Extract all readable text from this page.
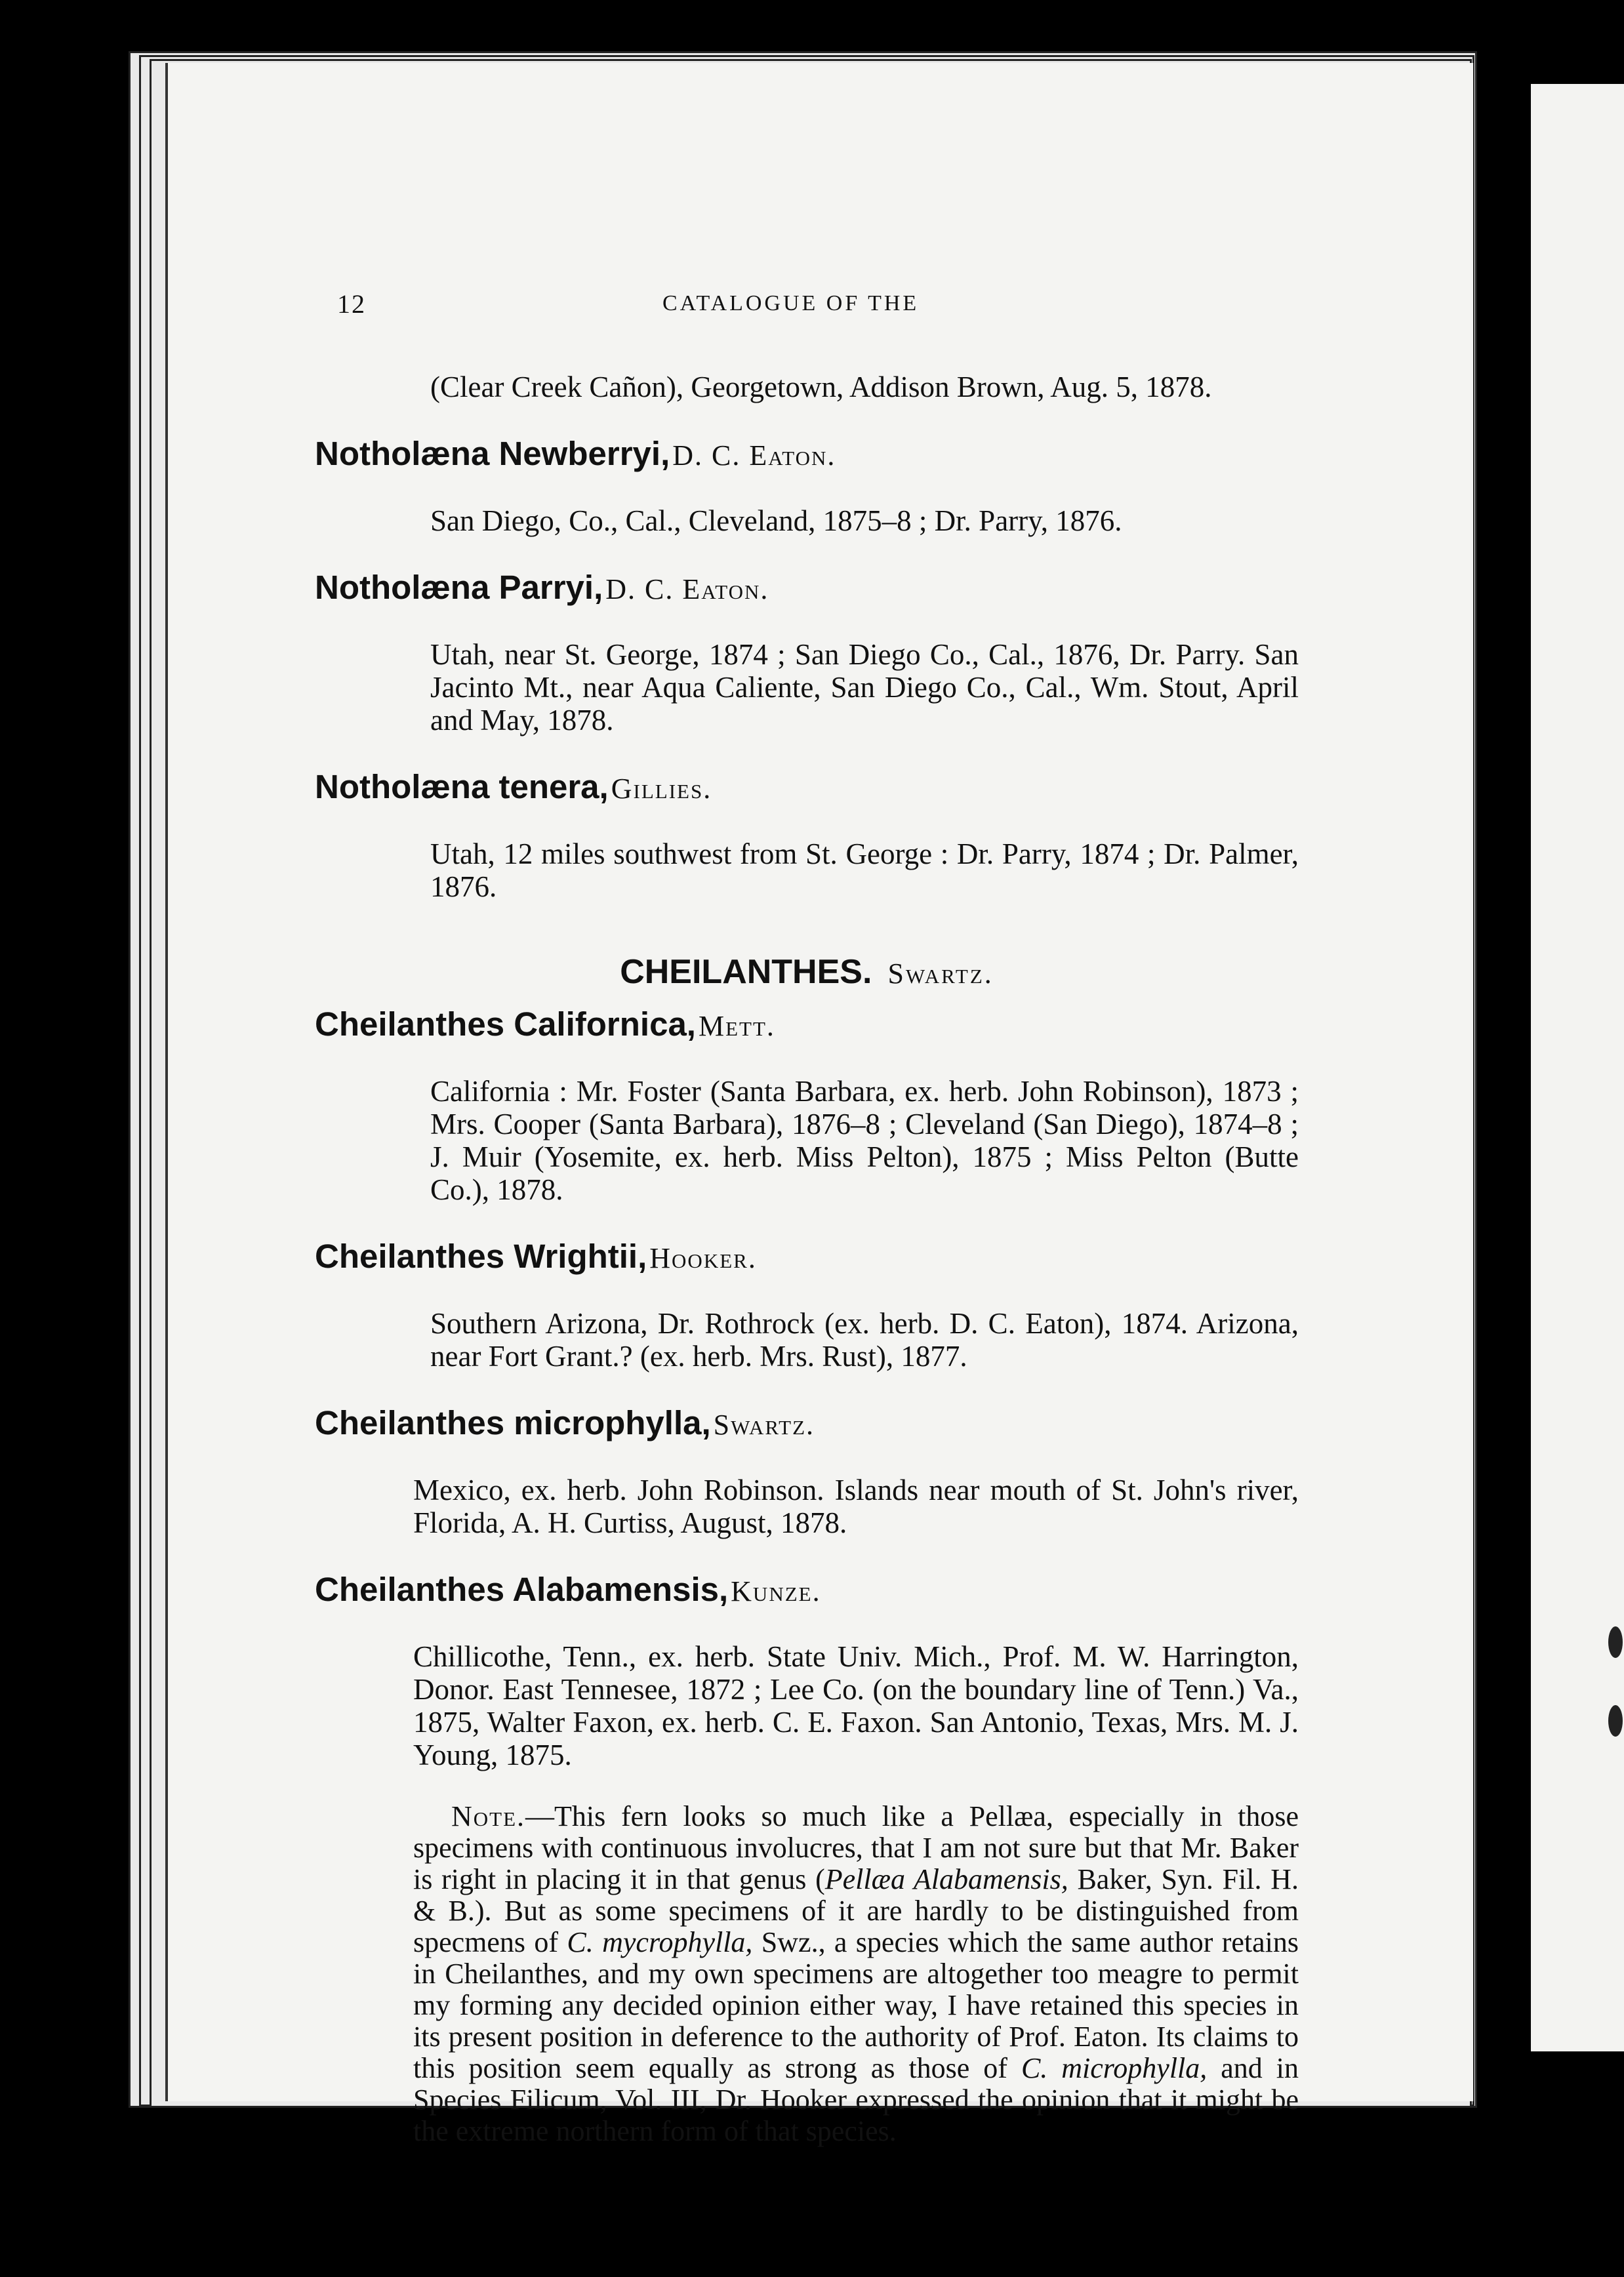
12	CATALOGUE OF THE

(Clear Creek Cañon), Georgetown, Addison Brown, Aug. 5, 1878.

Notholæna Newberryi, D. C. Eaton.

San Diego, Co., Cal., Cleveland, 1875–8 ; Dr. Parry, 1876.

Notholæna Parryi, D. C. Eaton.

Utah, near St. George, 1874 ; San Diego Co., Cal., 1876, Dr. Parry. San Jacinto Mt., near Aqua Caliente, San Diego Co., Cal., Wm. Stout, April and May, 1878.

Notholæna tenera, Gillies.

Utah, 12 miles southwest from St. George : Dr. Parry, 1874 ; Dr. Palmer, 1876.

CHEILANTHES. Swartz.

Cheilanthes Californica, Mett.

California : Mr. Foster (Santa Barbara, ex. herb. John Robinson), 1873 ; Mrs. Cooper (Santa Barbara), 1876–8 ; Cleveland (San Diego), 1874–8 ; J. Muir (Yosemite, ex. herb. Miss Pelton), 1875 ; Miss Pelton (Butte Co.), 1878.

Cheilanthes Wrightii, Hooker.

Southern Arizona, Dr. Rothrock (ex. herb. D. C. Eaton), 1874. Arizona, near Fort Grant.? (ex. herb. Mrs. Rust), 1877.

Cheilanthes microphylla, Swartz.

Mexico, ex. herb. John Robinson. Islands near mouth of St. John's river, Florida, A. H. Curtiss, August, 1878.

Cheilanthes Alabamensis, Kunze.

Chillicothe, Tenn., ex. herb. State Univ. Mich., Prof. M. W. Harrington, Donor. East Tennesee, 1872 ; Lee Co. (on the boundary line of Tenn.) Va., 1875, Walter Faxon, ex. herb. C. E. Faxon. San Antonio, Texas, Mrs. M. J. Young, 1875.

Note.—This fern looks so much like a Pellæa, especially in those specimens with continuous involucres, that I am not sure but that Mr. Baker is right in placing it in that genus (Pellæa Alabamensis, Baker, Syn. Fil. H. & B.). But as some specimens of it are hardly to be distinguished from specmens of C. mycrophylla, Swz., a species which the same author retains in Cheilanthes, and my own specimens are altogether too meagre to permit my forming any decided opinion either way, I have retained this species in its present position in deference to the authority of Prof. Eaton. Its claims to this position seem equally as strong as those of C. microphylla, and in Species Filicum, Vol. III, Dr. Hooker expressed the opinion that it might be the extreme northern form of that species.
